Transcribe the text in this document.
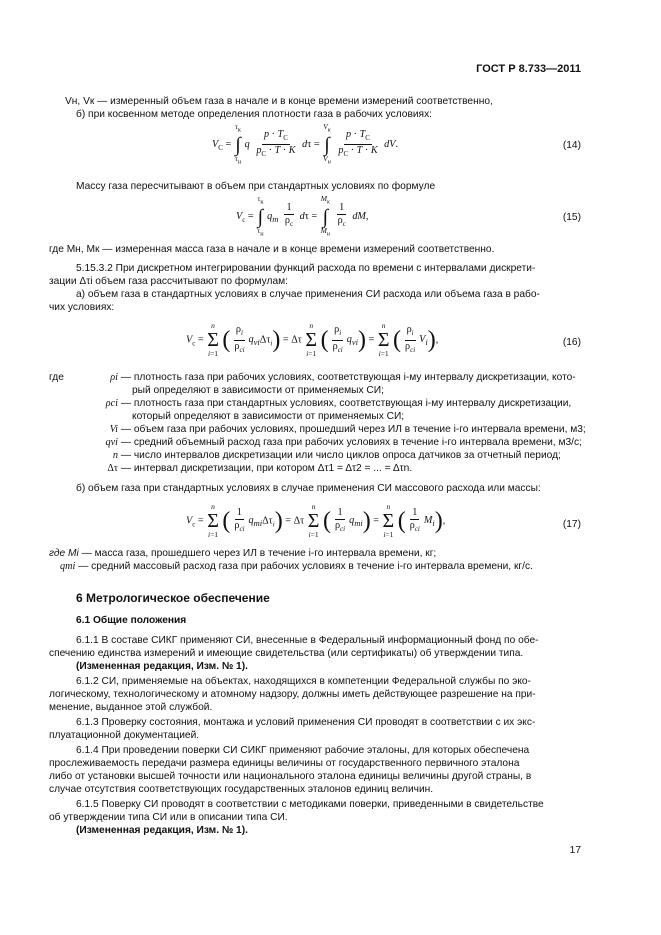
ГОСТ Р 8.733—2011
Vн, Vк — измеренный объем газа в начале и в конце времени измерений соответственно,
б) при косвенном методе определения плотности газа в рабочих условиях:
$V_C$ =
$\tau_к$
∫
$\tau_н$
q $\frac{p \cdot T_C}{p_C \cdot T \cdot K}$ dτ =
$V_к$
∫
$V_н$

$\frac{p \cdot T_C}{p_C \cdot T \cdot K}$ dV.	(14)
Массу газа пересчитывают в объем при стандартных условиях по формуле
$V_c$ =
$\tau_к$
∫
$\tau_н$
$q_m \frac{1}{\rho_c}$ dτ =
$M_к$
∫
$M_н$

$\frac{1}{\rho_c}$ dM,	(15)
где Mн, Mк — измеренная масса газа в начале и в конце времени измерений соответственно.
5.15.3.2 При дискретном интегрировании функций расхода по времени с интервалами дискрети-
зации Δτi объем газа рассчитывают по формулам:
а) объем газа в стандартных условиях в случае применения СИ расхода или объема газа в рабо-
чих условиях:
$V_c$ =
n
Σ
i=1
( $\frac{\rho_i}{\rho_{ci}} q_{vi}\Delta\tau_i) = \Delta\tau$
n
Σ
i=1
( $\frac{\rho_i}{\rho_{ci}} q_{vi}$) =
n
Σ
i=1
( $\frac{\rho_i}{\rho_{ci}} V_i$),	(16)
где	ρi — плотность газа при рабочих условиях, соответствующая i-му интервалу дискретизации, кото-
рый определяют в зависимости от применяемых СИ;
ρci — плотность газа при стандартных условиях, соответствующая i-му интервалу дискретизации,
который определяют в зависимости от применяемых СИ;
Vi — объем газа при рабочих условиях, прошедший через ИЛ в течение i-го интервала времени, м3;
qvi — средний объемный расход газа при рабочих условиях в течение i-го интервала времени, м3/с;
n — число интервалов дискретизации или число циклов опроса датчиков за отчетный период;
Δτ — интервал дискретизации, при котором Δτ1 = Δτ2 = ... = Δτn.
б) объем газа при стандартных условиях в случае применения СИ массового расхода или массы:
$V_c$ =
n
Σ
i=1
( $\frac{1}{\rho_{ci}} q_{mi}\Delta\tau_i) = \Delta\tau$
n
Σ
i=1
( $\frac{1}{\rho_{ci}} q_{mi}$) =
n
Σ
i=1
( $\frac{1}{\rho_{ci}} M_i$),	(17)
где Mi — масса газа, прошедшего через ИЛ в течение i-го интервала времени, кг;
qmi — средний массовый расход газа при рабочих условиях в течение i-го интервала времени, кг/с.
6 Метрологическое обеспечение
6.1 Общие положения
6.1.1 В составе СИКГ применяют СИ, внесенные в Федеральный информационный фонд по обе-
спечению единства измерений и имеющие свидетельства (или сертификаты) об утверждении типа.
(Измененная редакция, Изм. № 1).
6.1.2 СИ, применяемые на объектах, находящихся в компетенции Федеральной службы по эко-
логическому, технологическому и атомному надзору, должны иметь действующее разрешение на при-
менение, выданное этой службой.
6.1.3 Проверку состояния, монтажа и условий применения СИ проводят в соответствии с их экс-
плуатационной документацией.
6.1.4 При проведении поверки СИ СИКГ применяют рабочие эталоны, для которых обеспечена
прослеживаемость передачи размера единицы величины от государственного первичного эталона
либо от установки высшей точности или национального эталона единицы величины другой страны, в
случае отсутствия соответствующих государственных эталонов единиц величин.
6.1.5 Поверку СИ проводят в соответствии с методиками поверки, приведенными в свидетельстве
об утверждении типа СИ или в описании типа СИ.
(Измененная редакция, Изм. № 1).
17
